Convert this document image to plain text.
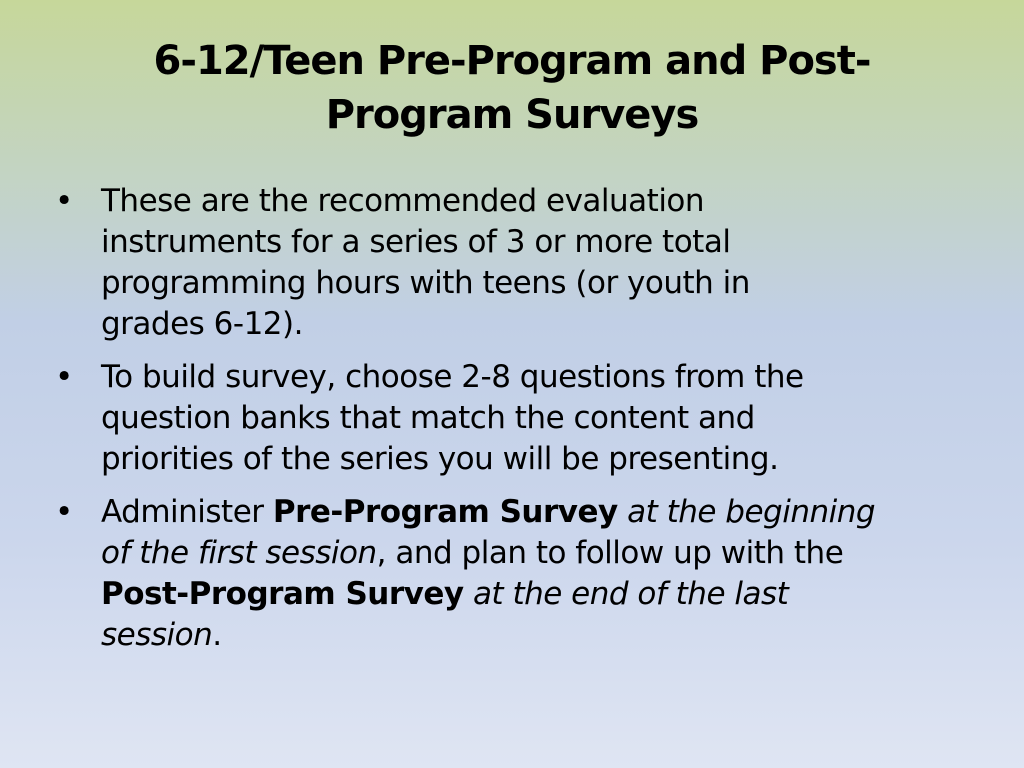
6-12/Teen Pre-Program and Post-
Program Surveys
• These are the recommended evaluation
instruments for a series of 3 or more total
programming hours with teens (or youth in
grades 6-12).
• To build survey, choose 2-8 questions from the
question banks that match the content and
priorities of the series you will be presenting.
• Administer Pre-Program Survey at the beginning
of the first session, and plan to follow up with the
Post-Program Survey at the end of the last
session.
